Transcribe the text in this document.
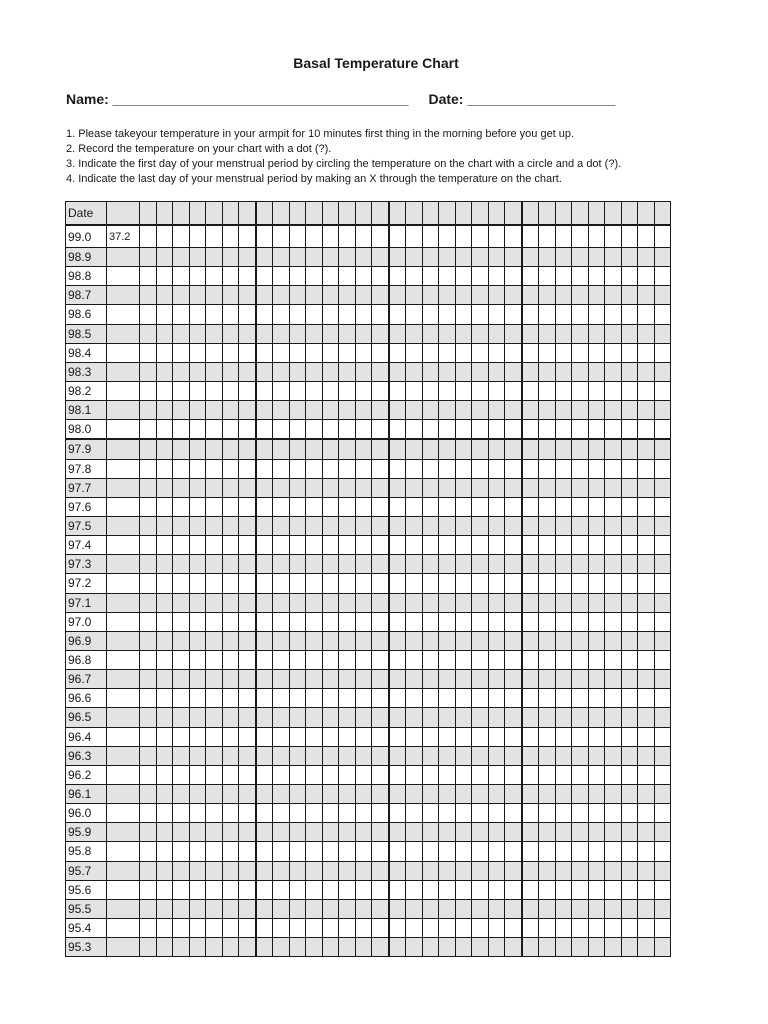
Basal Temperature Chart
Name: ______________________________________ Date: ___________________
1. Please takeyour temperature in your armpit for 10 minutes first thing in the morning before you get up.
2. Record the temperature on your chart with a dot (?).
3. Indicate the first day of your menstrual period by circling the temperature on the chart with a circle and a dot (?).
4. Indicate the last day of your menstrual period by making an X through the temperature on the chart.
Date																																	
99.0	37.2																																
98.9																																	
98.8																																	
98.7																																	
98.6																																	
98.5																																	
98.4																																	
98.3																																	
98.2																																	
98.1																																	
98.0																																	
97.9																																	
97.8																																	
97.7																																	
97.6																																	
97.5																																	
97.4																																	
97.3																																	
97.2																																	
97.1																																	
97.0																																	
96.9																																	
96.8																																	
96.7																																	
96.6																																	
96.5																																	
96.4																																	
96.3																																	
96.2																																	
96.1																																	
96.0																																	
95.9																																	
95.8																																	
95.7																																	
95.6																																	
95.5																																	
95.4																																	
95.3																																	
